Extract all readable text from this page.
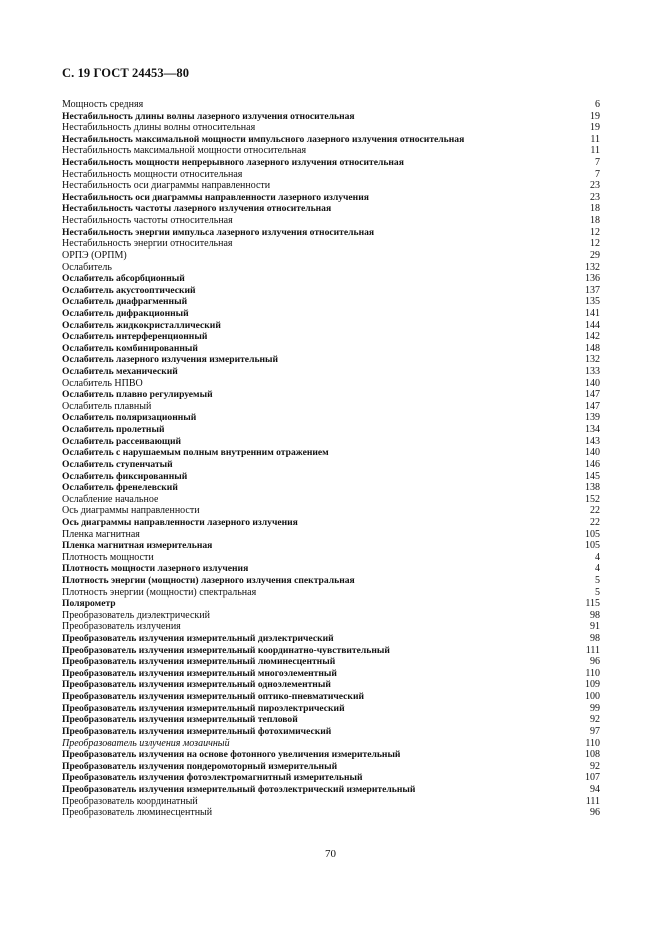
С. 19 ГОСТ 24453—80
Мощность средняя	6
Нестабильность длины волны лазерного излучения относительная	19
Нестабильность длины волны относительная	19
Нестабильность максимальной мощности импульсного лазерного излучения относительная	11
Нестабильность максимальной мощности относительная	11
Нестабильность мощности непрерывного лазерного излучения относительная	7
Нестабильность мощности относительная	7
Нестабильность оси диаграммы направленности	23
Нестабильность оси диаграммы направленности лазерного излучения	23
Нестабильность частоты лазерного излучения относительная	18
Нестабильность частоты относительная	18
Нестабильность энергии импульса лазерного излучения относительная	12
Нестабильность энергии относительная	12
ОРПЭ (ОРПМ)	29
Ослабитель	132
Ослабитель абсорбционный	136
Ослабитель акустооптический	137
Ослабитель диафрагменный	135
Ослабитель дифракционный	141
Ослабитель жидкокристаллический	144
Ослабитель интерференционный	142
Ослабитель комбинированный	148
Ослабитель лазерного излучения измерительный	132
Ослабитель механический	133
Ослабитель НПВО	140
Ослабитель плавно регулируемый	147
Ослабитель плавный	147
Ослабитель поляризационный	139
Ослабитель пролетный	134
Ослабитель рассеивающий	143
Ослабитель с нарушаемым полным внутренним отражением	140
Ослабитель ступенчатый	146
Ослабитель фиксированный	145
Ослабитель френелевский	138
Ослабление начальное	152
Ось диаграммы направленности	22
Ось диаграммы направленности лазерного излучения	22
Пленка магнитная	105
Пленка магнитная измерительная	105
Плотность мощности	4
Плотность мощности лазерного излучения	4
Плотность энергии (мощности) лазерного излучения спектральная	5
Плотность энергии (мощности) спектральная	5
Полярометр	115
Преобразователь диэлектрический	98
Преобразователь излучения	91
Преобразователь излучения измерительный диэлектрический	98
Преобразователь излучения измерительный координатно-чувствительный	111
Преобразователь излучения измерительный люминесцентный	96
Преобразователь излучения измерительный многоэлементный	110
Преобразователь излучения измерительный одноэлементный	109
Преобразователь излучения измерительный оптико-пневматический	100
Преобразователь излучения измерительный пироэлектрический	99
Преобразователь излучения измерительный тепловой	92
Преобразователь излучения измерительный фотохимический	97
Преобразователь излучения мозаичный	110
Преобразователь излучения на основе фотонного увеличения измерительный	108
Преобразователь излучения пондеромоторный измерительный	92
Преобразователь излучения фотоэлектромагнитный измерительный	107
Преобразователь излучения измерительный фотоэлектрический измерительный	94
Преобразователь координатный	111
Преобразователь люминесцентный	96
70
